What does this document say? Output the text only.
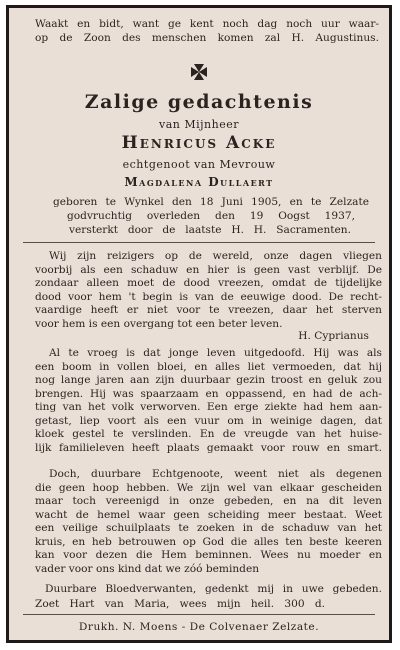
Waakt en bidt, want ge kent noch dag noch uur waar-
op de Zoon des menschen komen zal H. Augustinus.
Zalige gedachtenis
van Mijnheer
Henricus Acke
echtgenoot van Mevrouw
Magdalena Dullaert
geboren te Wynkel den 18 Juni 1905, en te Zelzate
godvruchtig overleden den 19 Oogst 1937,
versterkt door de laatste H. H. Sacramenten.
Wij zijn reizigers op de wereld, onze dagen vliegen
voorbij als een schaduw en hier is geen vast verblijf. De
zondaar alleen moet de dood vreezen, omdat de tijdelijke
dood voor hem 't begin is van de eeuwige dood. De recht-
vaardige heeft er niet voor te vreezen, daar het sterven
voor hem is een overgang tot een beter leven.
H. Cyprianus
Al te vroeg is dat jonge leven uitgedoofd. Hij was als
een boom in vollen bloei, en alles liet vermoeden, dat hij
nog lange jaren aan zijn duurbaar gezin troost en geluk zou
brengen. Hij was spaarzaam en oppassend, en had de ach-
ting van het volk verworven. Een erge ziekte had hem aan-
getast, liep voort als een vuur om in weinige dagen, dat
kloek gestel te verslinden. En de vreugde van het huise-
lijk familieleven heeft plaats gemaakt voor rouw en smart.
Doch, duurbare Echtgenoote, weent niet als degenen
die geen hoop hebben. We zijn wel van elkaar gescheiden
maar toch vereenigd in onze gebeden, en na dit leven
wacht de hemel waar geen scheiding meer bestaat. Weet
een veilige schuilplaats te zoeken in de schaduw van het
kruis, en heb betrouwen op God die alles ten beste keeren
kan voor dezen die Hem beminnen. Wees nu moeder en
vader voor ons kind dat we zóó beminden
Duurbare Bloedverwanten, gedenkt mij in uwe gebeden.
Zoet Hart van Maria, wees mijn heil. 300 d.
Drukh. N. Moens - De Colvenaer Zelzate.
